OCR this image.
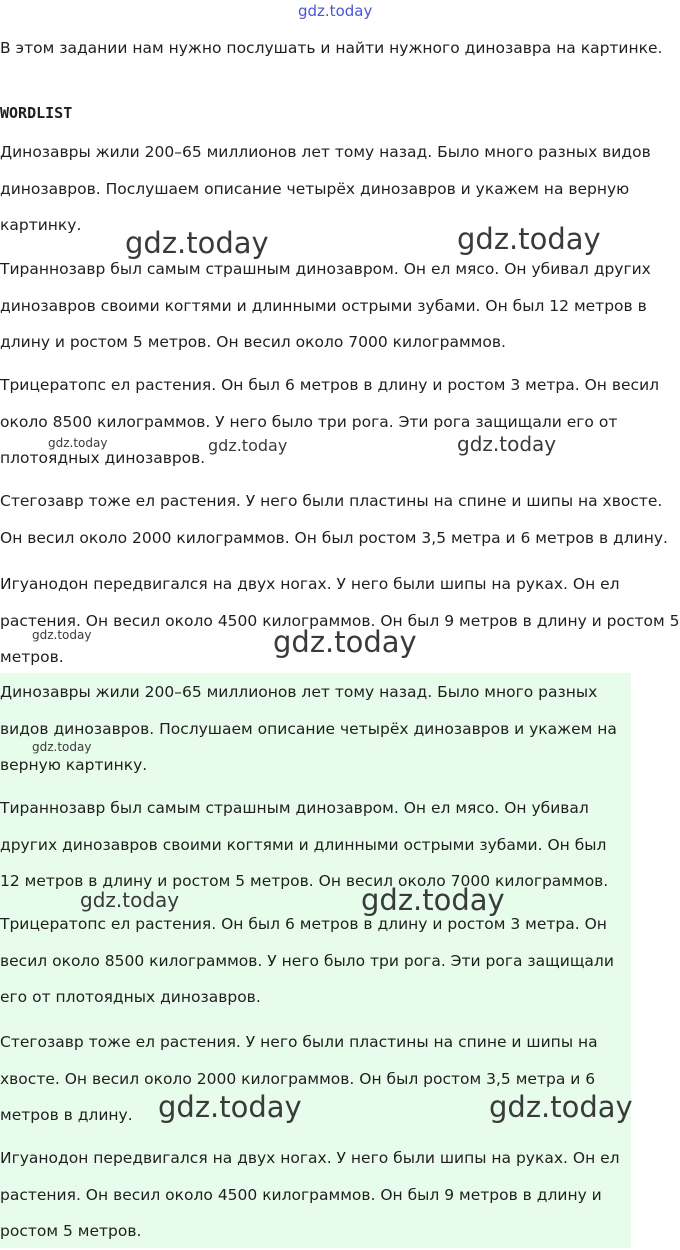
gdz.today

В этом задании нам нужно послушать и найти нужного динозавра на картинке.

WORDLIST

Динозавры жили 200–65 миллионов лет тому назад. Было много разных видов динозавров. Послушаем описание четырёх динозавров и укажем на верную картинку.

Тираннозавр был самым страшным динозавром. Он ел мясо. Он убивал других динозавров своими когтями и длинными острыми зубами. Он был 12 метров в длину и ростом 5 метров. Он весил около 7000 килограммов.

Трицератопс ел растения. Он был 6 метров в длину и ростом 3 метра. Он весил около 8500 килограммов. У него было три рога. Эти рога защищали его от плотоядных динозавров.

Стегозавр тоже ел растения. У него были пластины на спине и шипы на хвосте. Он весил около 2000 килограммов. Он был ростом 3,5 метра и 6 метров в длину.

Игуанодон передвигался на двух ногах. У него были шипы на руках. Он ел растения. Он весил около 4500 килограммов. Он был 9 метров в длину и ростом 5 метров.

Динозавры жили 200–65 миллионов лет тому назад. Было много разных видов динозавров. Послушаем описание четырёх динозавров и укажем на верную картинку.

Тираннозавр был самым страшным динозавром. Он ел мясо. Он убивал других динозавров своими когтями и длинными острыми зубами. Он был 12 метров в длину и ростом 5 метров. Он весил около 7000 килограммов.

Трицератопс ел растения. Он был 6 метров в длину и ростом 3 метра. Он весил около 8500 килограммов. У него было три рога. Эти рога защищали его от плотоядных динозавров.

Стегозавр тоже ел растения. У него были пластины на спине и шипы на хвосте. Он весил около 2000 килограммов. Он был ростом 3,5 метра и 6 метров в длину.

Игуанодон передвигался на двух ногах. У него были шипы на руках. Он ел растения. Он весил около 4500 килограммов. Он был 9 метров в длину и ростом 5 метров.

gdz.today	gdz.today
gdz.today	gdz.today	gdz.today
gdz.today	gdz.today
gdz.today
gdz.today	gdz.today
gdz.today	gdz.today
